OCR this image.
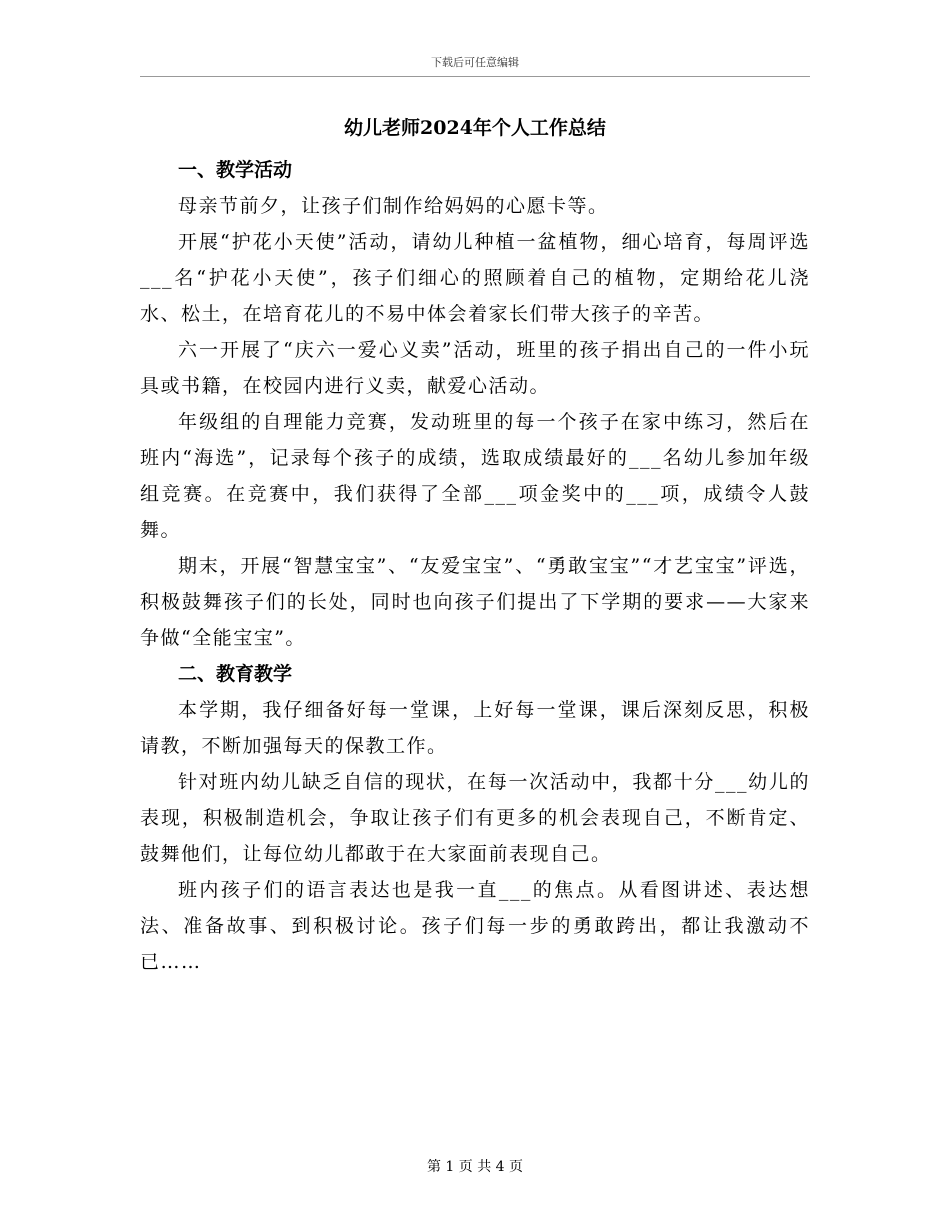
下载后可任意编辑
幼儿老师2024年个人工作总结
一、教学活动

母亲节前夕，让孩子们制作给妈妈的心愿卡等。

开展“护花小天使”活动，请幼儿种植一盆植物，细心培育，每周评选___名“护花小天使”，孩子们细心的照顾着自己的植物，定期给花儿浇水、松土，在培育花儿的不易中体会着家长们带大孩子的辛苦。

六一开展了“庆六一爱心义卖”活动，班里的孩子捐出自己的一件小玩具或书籍，在校园内进行义卖，献爱心活动。

年级组的自理能力竞赛，发动班里的每一个孩子在家中练习，然后在班内“海选”，记录每个孩子的成绩，选取成绩最好的___名幼儿参加年级组竞赛。在竞赛中，我们获得了全部___项金奖中的___项，成绩令人鼓舞。

期末，开展“智慧宝宝”、“友爱宝宝”、“勇敢宝宝”“才艺宝宝”评选，积极鼓舞孩子们的长处，同时也向孩子们提出了下学期的要求——大家来争做“全能宝宝”。

二、教育教学

本学期，我仔细备好每一堂课，上好每一堂课，课后深刻反思，积极请教，不断加强每天的保教工作。

针对班内幼儿缺乏自信的现状，在每一次活动中，我都十分___幼儿的表现，积极制造机会，争取让孩子们有更多的机会表现自己，不断肯定、鼓舞他们，让每位幼儿都敢于在大家面前表现自己。

班内孩子们的语言表达也是我一直___的焦点。从看图讲述、表达想法、准备故事、到积极讨论。孩子们每一步的勇敢跨出，都让我激动不已……

第 1 页 共 4 页
